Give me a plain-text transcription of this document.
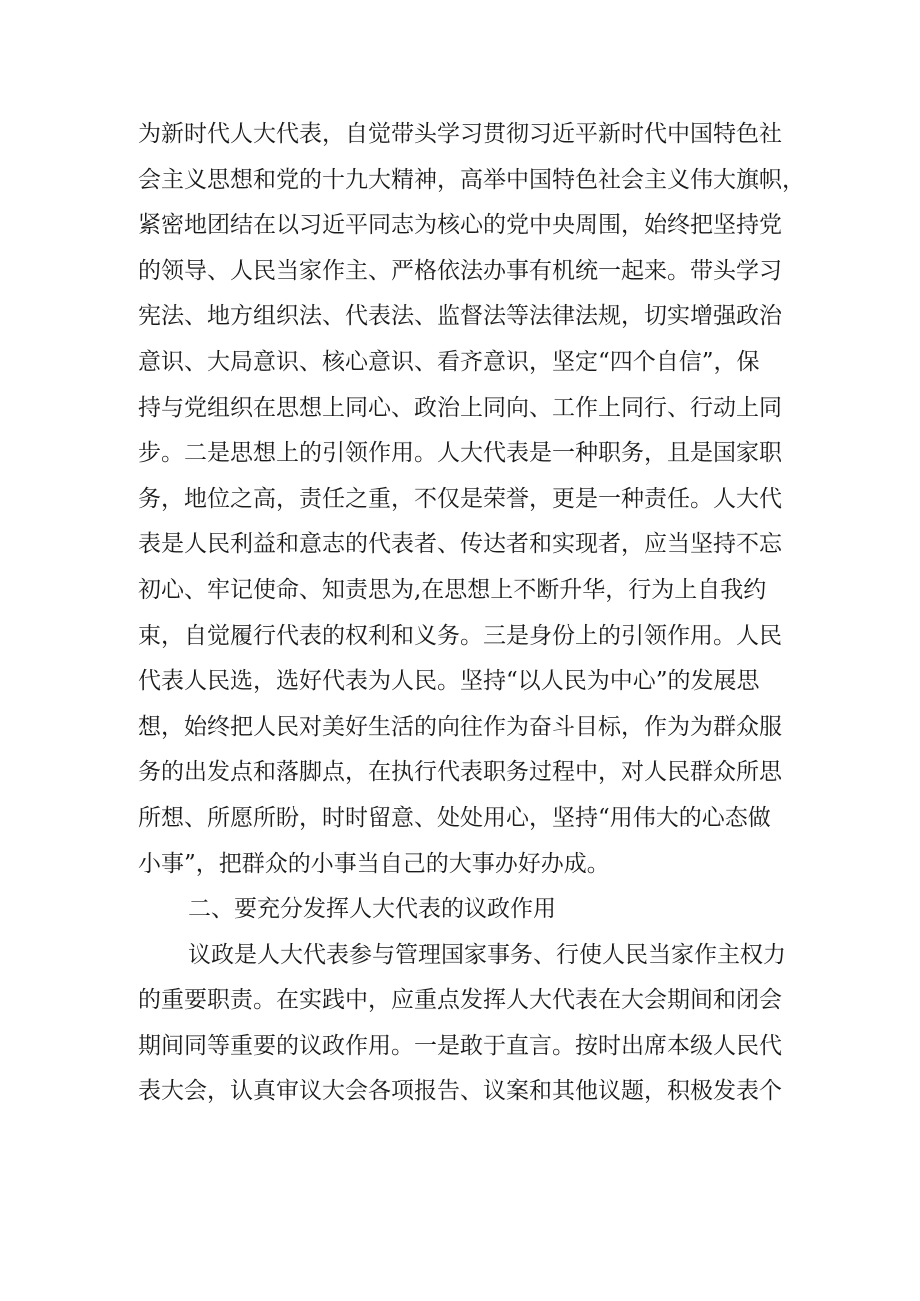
为新时代人大代表，自觉带头学习贯彻习近平新时代中国特色社
会主义思想和党的十九大精神，高举中国特色社会主义伟大旗帜，
紧密地团结在以习近平同志为核心的党中央周围，始终把坚持党
的领导、人民当家作主、严格依法办事有机统一起来。带头学习
宪法、地方组织法、代表法、监督法等法律法规，切实增强政治
意识、大局意识、核心意识、看齐意识，坚定“四个自信”，保
持与党组织在思想上同心、政治上同向、工作上同行、行动上同
步。二是思想上的引领作用。人大代表是一种职务，且是国家职
务，地位之高，责任之重，不仅是荣誉，更是一种责任。人大代
表是人民利益和意志的代表者、传达者和实现者，应当坚持不忘
初心、牢记使命、知责思为,在思想上不断升华，行为上自我约
束，自觉履行代表的权利和义务。三是身份上的引领作用。人民
代表人民选，选好代表为人民。坚持“以人民为中心”的发展思
想，始终把人民对美好生活的向往作为奋斗目标，作为为群众服
务的出发点和落脚点，在执行代表职务过程中，对人民群众所思
所想、所愿所盼，时时留意、处处用心，坚持“用伟大的心态做
小事”，把群众的小事当自己的大事办好办成。
二、要充分发挥人大代表的议政作用
议政是人大代表参与管理国家事务、行使人民当家作主权力
的重要职责。在实践中，应重点发挥人大代表在大会期间和闭会
期间同等重要的议政作用。一是敢于直言。按时出席本级人民代
表大会，认真审议大会各项报告、议案和其他议题，积极发表个
